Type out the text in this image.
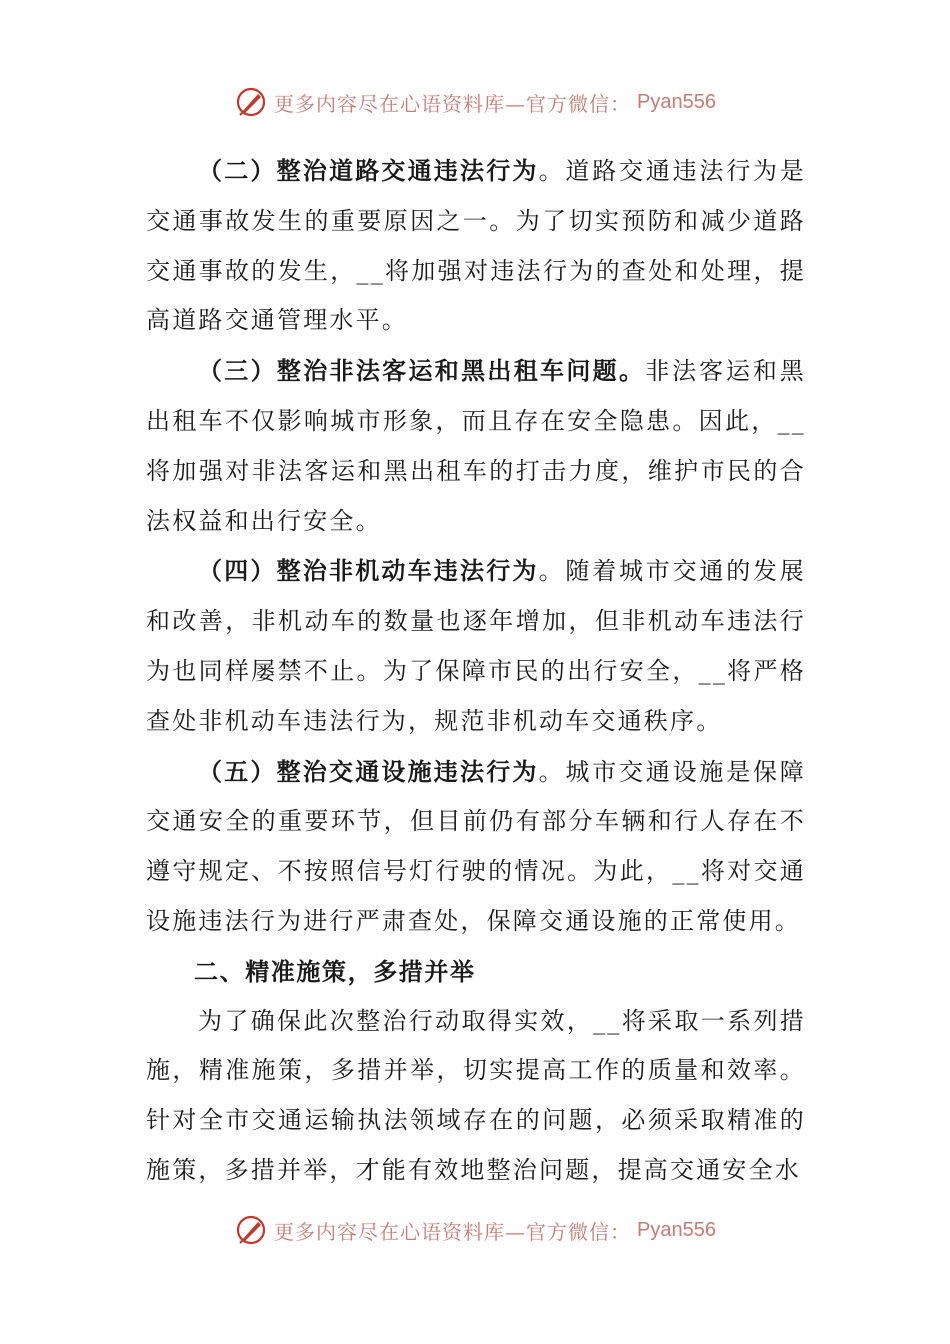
更多内容尽在心语资料库—官方微信： Pyan556

（二）整治道路交通违法行为。道路交通违法行为是交通事故发生的重要原因之一。为了切实预防和减少道路交通事故的发生，__将加强对违法行为的查处和处理，提高道路交通管理水平。

（三）整治非法客运和黑出租车问题。非法客运和黑出租车不仅影响城市形象，而且存在安全隐患。因此，__将加强对非法客运和黑出租车的打击力度，维护市民的合法权益和出行安全。

（四）整治非机动车违法行为。随着城市交通的发展和改善，非机动车的数量也逐年增加，但非机动车违法行为也同样屡禁不止。为了保障市民的出行安全，__将严格查处非机动车违法行为，规范非机动车交通秩序。

（五）整治交通设施违法行为。城市交通设施是保障交通安全的重要环节，但目前仍有部分车辆和行人存在不遵守规定、不按照信号灯行驶的情况。为此，__将对交通设施违法行为进行严肃查处，保障交通设施的正常使用。

二、精准施策，多措并举

为了确保此次整治行动取得实效，__将采取一系列措施，精准施策，多措并举，切实提高工作的质量和效率。针对全市交通运输执法领域存在的问题，必须采取精准的施策，多措并举，才能有效地整治问题，提高交通安全水

更多内容尽在心语资料库—官方微信： Pyan556
